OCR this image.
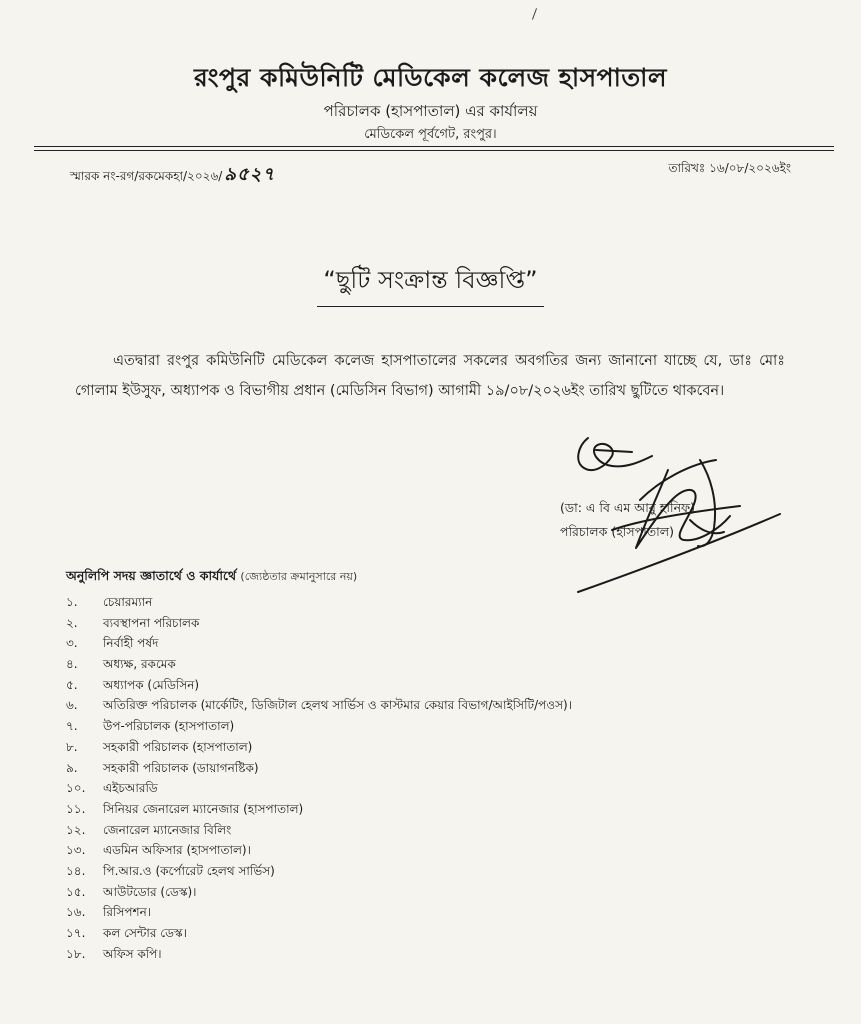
রংপুর কমিউনিটি মেডিকেল কলেজ হাসপাতাল
পরিচালক (হাসপাতাল) এর কার্যালয়
মেডিকেল পূর্বগেট, রংপুর।
স্মারক নং-রগ/রকমেকহা/২০২৬/ ৯৫২৭	তারিখঃ ১৬/০৮/২০২৬ইং
“ছুটি সংক্রান্ত বিজ্ঞপ্তি”
এতদ্বারা রংপুর কমিউনিটি মেডিকেল কলেজ হাসপাতালের সকলের অবগতির জন্য জানানো যাচ্ছে যে, ডাঃ মোঃ গোলাম ইউসুফ, অধ্যাপক ও বিভাগীয় প্রধান (মেডিসিন বিভাগ) আগামী ১৯/০৮/২০২৬ইং তারিখ ছুটিতে থাকবেন।
(ডা: এ বি এম আবু হানিফ)
পরিচালক (হাসপাতাল)
অনুলিপি সদয় জ্ঞাতার্থে ও কার্যার্থে (জ্যেষ্ঠতার ক্রমানুসারে নয়)
১. চেয়ারম্যান
২. ব্যবস্থাপনা পরিচালক
৩. নির্বাহী পর্ষদ
৪. অধ্যক্ষ, রকমেক
৫. অধ্যাপক (মেডিসিন)
৬. অতিরিক্ত পরিচালক (মার্কেটিং, ডিজিটাল হেলথ সার্ভিস ও কাস্টমার কেয়ার বিভাগ/আইসিটি/পওস)।
৭. উপ-পরিচালক (হাসপাতাল)
৮. সহকারী পরিচালক (হাসপাতাল)
৯. সহকারী পরিচালক (ডায়াগনষ্টিক)
১০. এইচআরডি
১১. সিনিয়র জেনারেল ম্যানেজার (হাসপাতাল)
১২. জেনারেল ম্যানেজার বিলিং
১৩. এডমিন অফিসার (হাসপাতাল)।
১৪. পি.আর.ও (কর্পোরেট হেলথ সার্ভিস)
১৫. আউটডোর (ডেস্ক)।
১৬. রিসিপশন।
১৭. কল সেন্টার ডেস্ক।
১৮. অফিস কপি।
